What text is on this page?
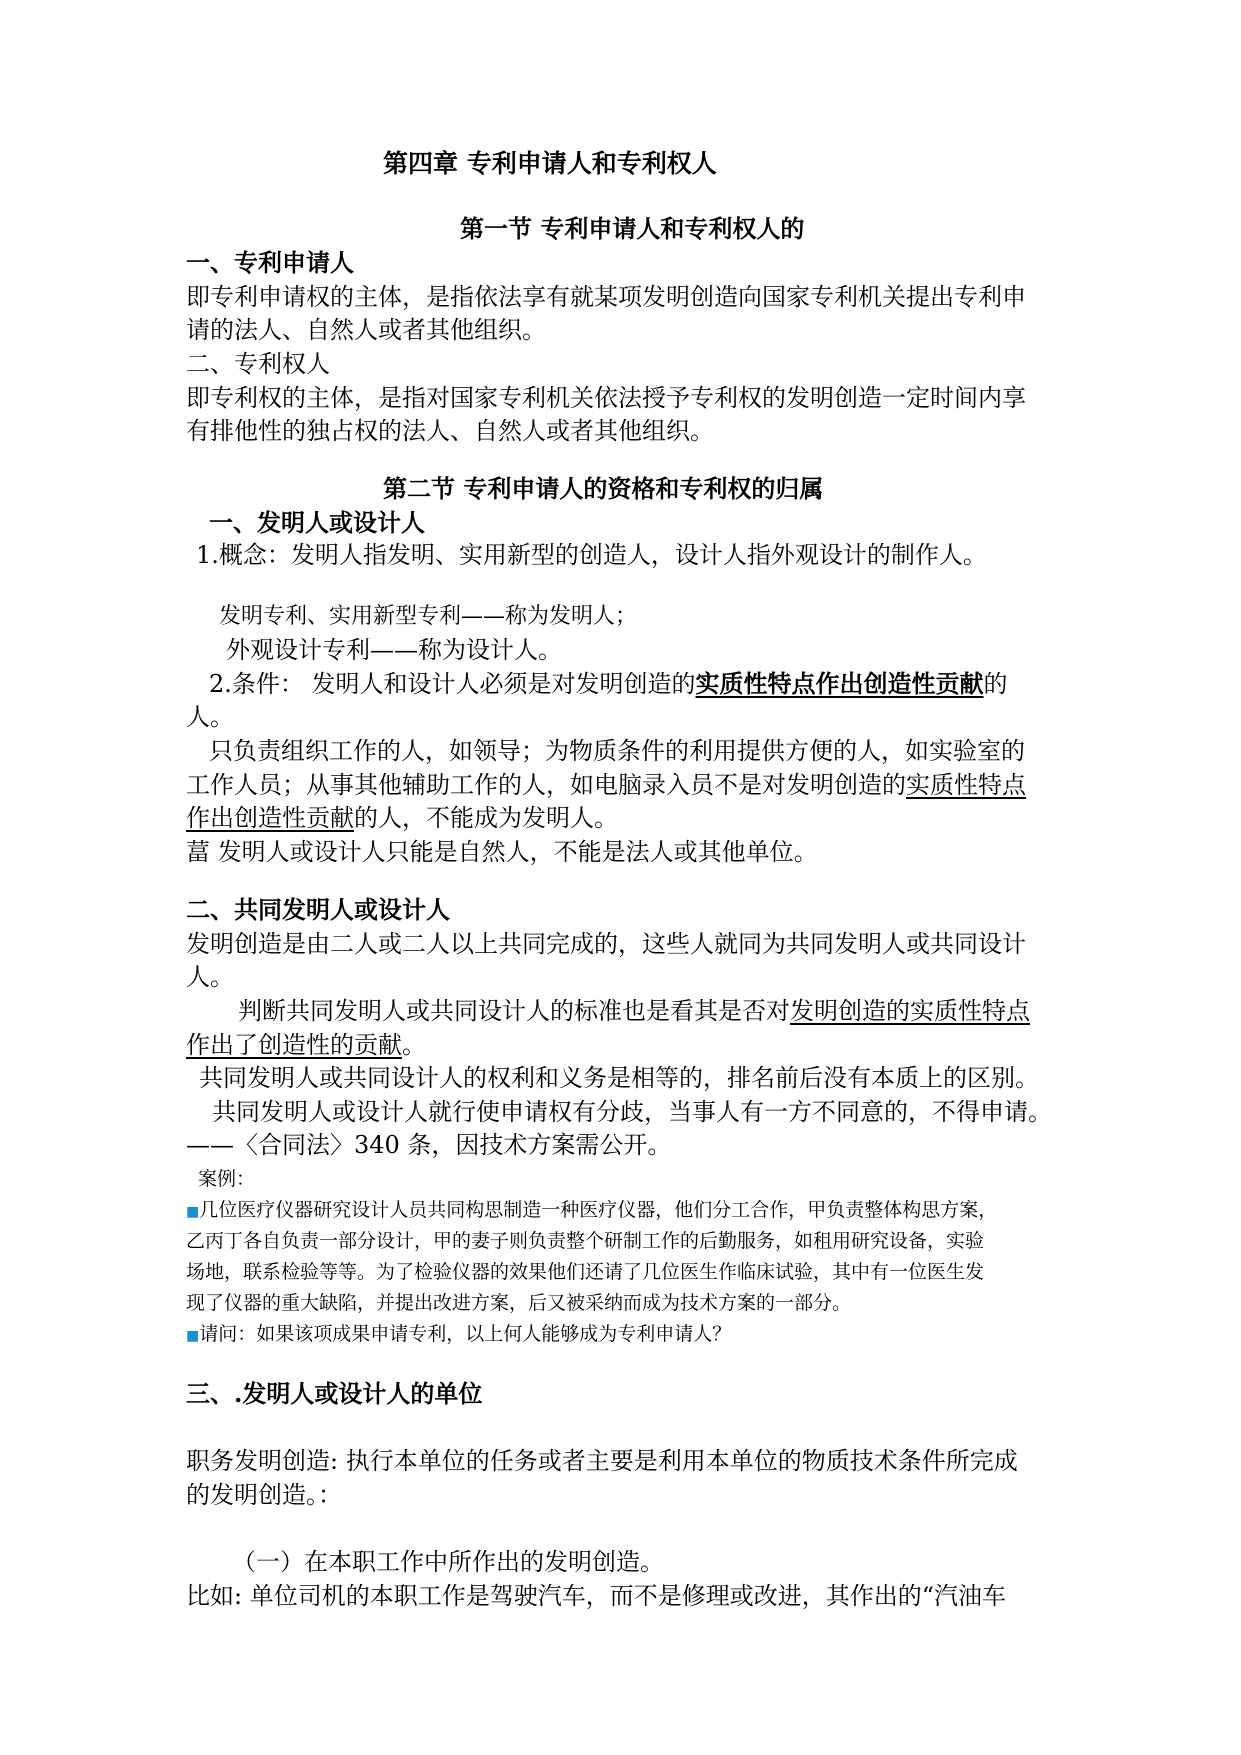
第四章 专利申请人和专利权人
第一节 专利申请人和专利权人的
一、专利申请人
即专利申请权的主体，是指依法享有就某项发明创造向国家专利机关提出专利申
请的法人、自然人或者其他组织。
二、专利权人
即专利权的主体，是指对国家专利机关依法授予专利权的发明创造一定时间内享
有排他性的独占权的法人、自然人或者其他组织。
第二节 专利申请人的资格和专利权的归属
一、发明人或设计人
1.概念：发明人指发明、实用新型的创造人，设计人指外观设计的制作人。
发明专利、实用新型专利——称为发明人；
外观设计专利——称为设计人。
2.条件： 发明人和设计人必须是对发明创造的实质性特点作出创造性贡献的
人。
只负责组织工作的人，如领导；为物质条件的利用提供方便的人，如实验室的
工作人员；从事其他辅助工作的人，如电脑录入员不是对发明创造的实质性特点
作出创造性贡献的人，不能成为发明人。
葍 发明人或设计人只能是自然人，不能是法人或其他单位。
二、共同发明人或设计人
发明创造是由二人或二人以上共同完成的，这些人就同为共同发明人或共同设计
人。
判断共同发明人或共同设计人的标准也是看其是否对发明创造的实质性特点
作出了创造性的贡献。
共同发明人或共同设计人的权利和义务是相等的，排名前后没有本质上的区别。
共同发明人或设计人就行使申请权有分歧，当事人有一方不同意的，不得申请。
——〈合同法〉340 条，因技术方案需公开。
案例：
■几位医疗仪器研究设计人员共同构思制造一种医疗仪器，他们分工合作，甲负责整体构思方案，
乙丙丁各自负责一部分设计，甲的妻子则负责整个研制工作的后勤服务，如租用研究设备，实验
场地，联系检验等等。为了检验仪器的效果他们还请了几位医生作临床试验，其中有一位医生发
现了仪器的重大缺陷，并提出改进方案，后又被采纳而成为技术方案的一部分。
■请问：如果该项成果申请专利，以上何人能够成为专利申请人？
三、.发明人或设计人的单位
职务发明创造: 执行本单位的任务或者主要是利用本单位的物质技术条件所完成
的发明创造。：
（一）在本职工作中所作出的发明创造。
比如: 单位司机的本职工作是驾驶汽车，而不是修理或改进，其作出的“汽油车
